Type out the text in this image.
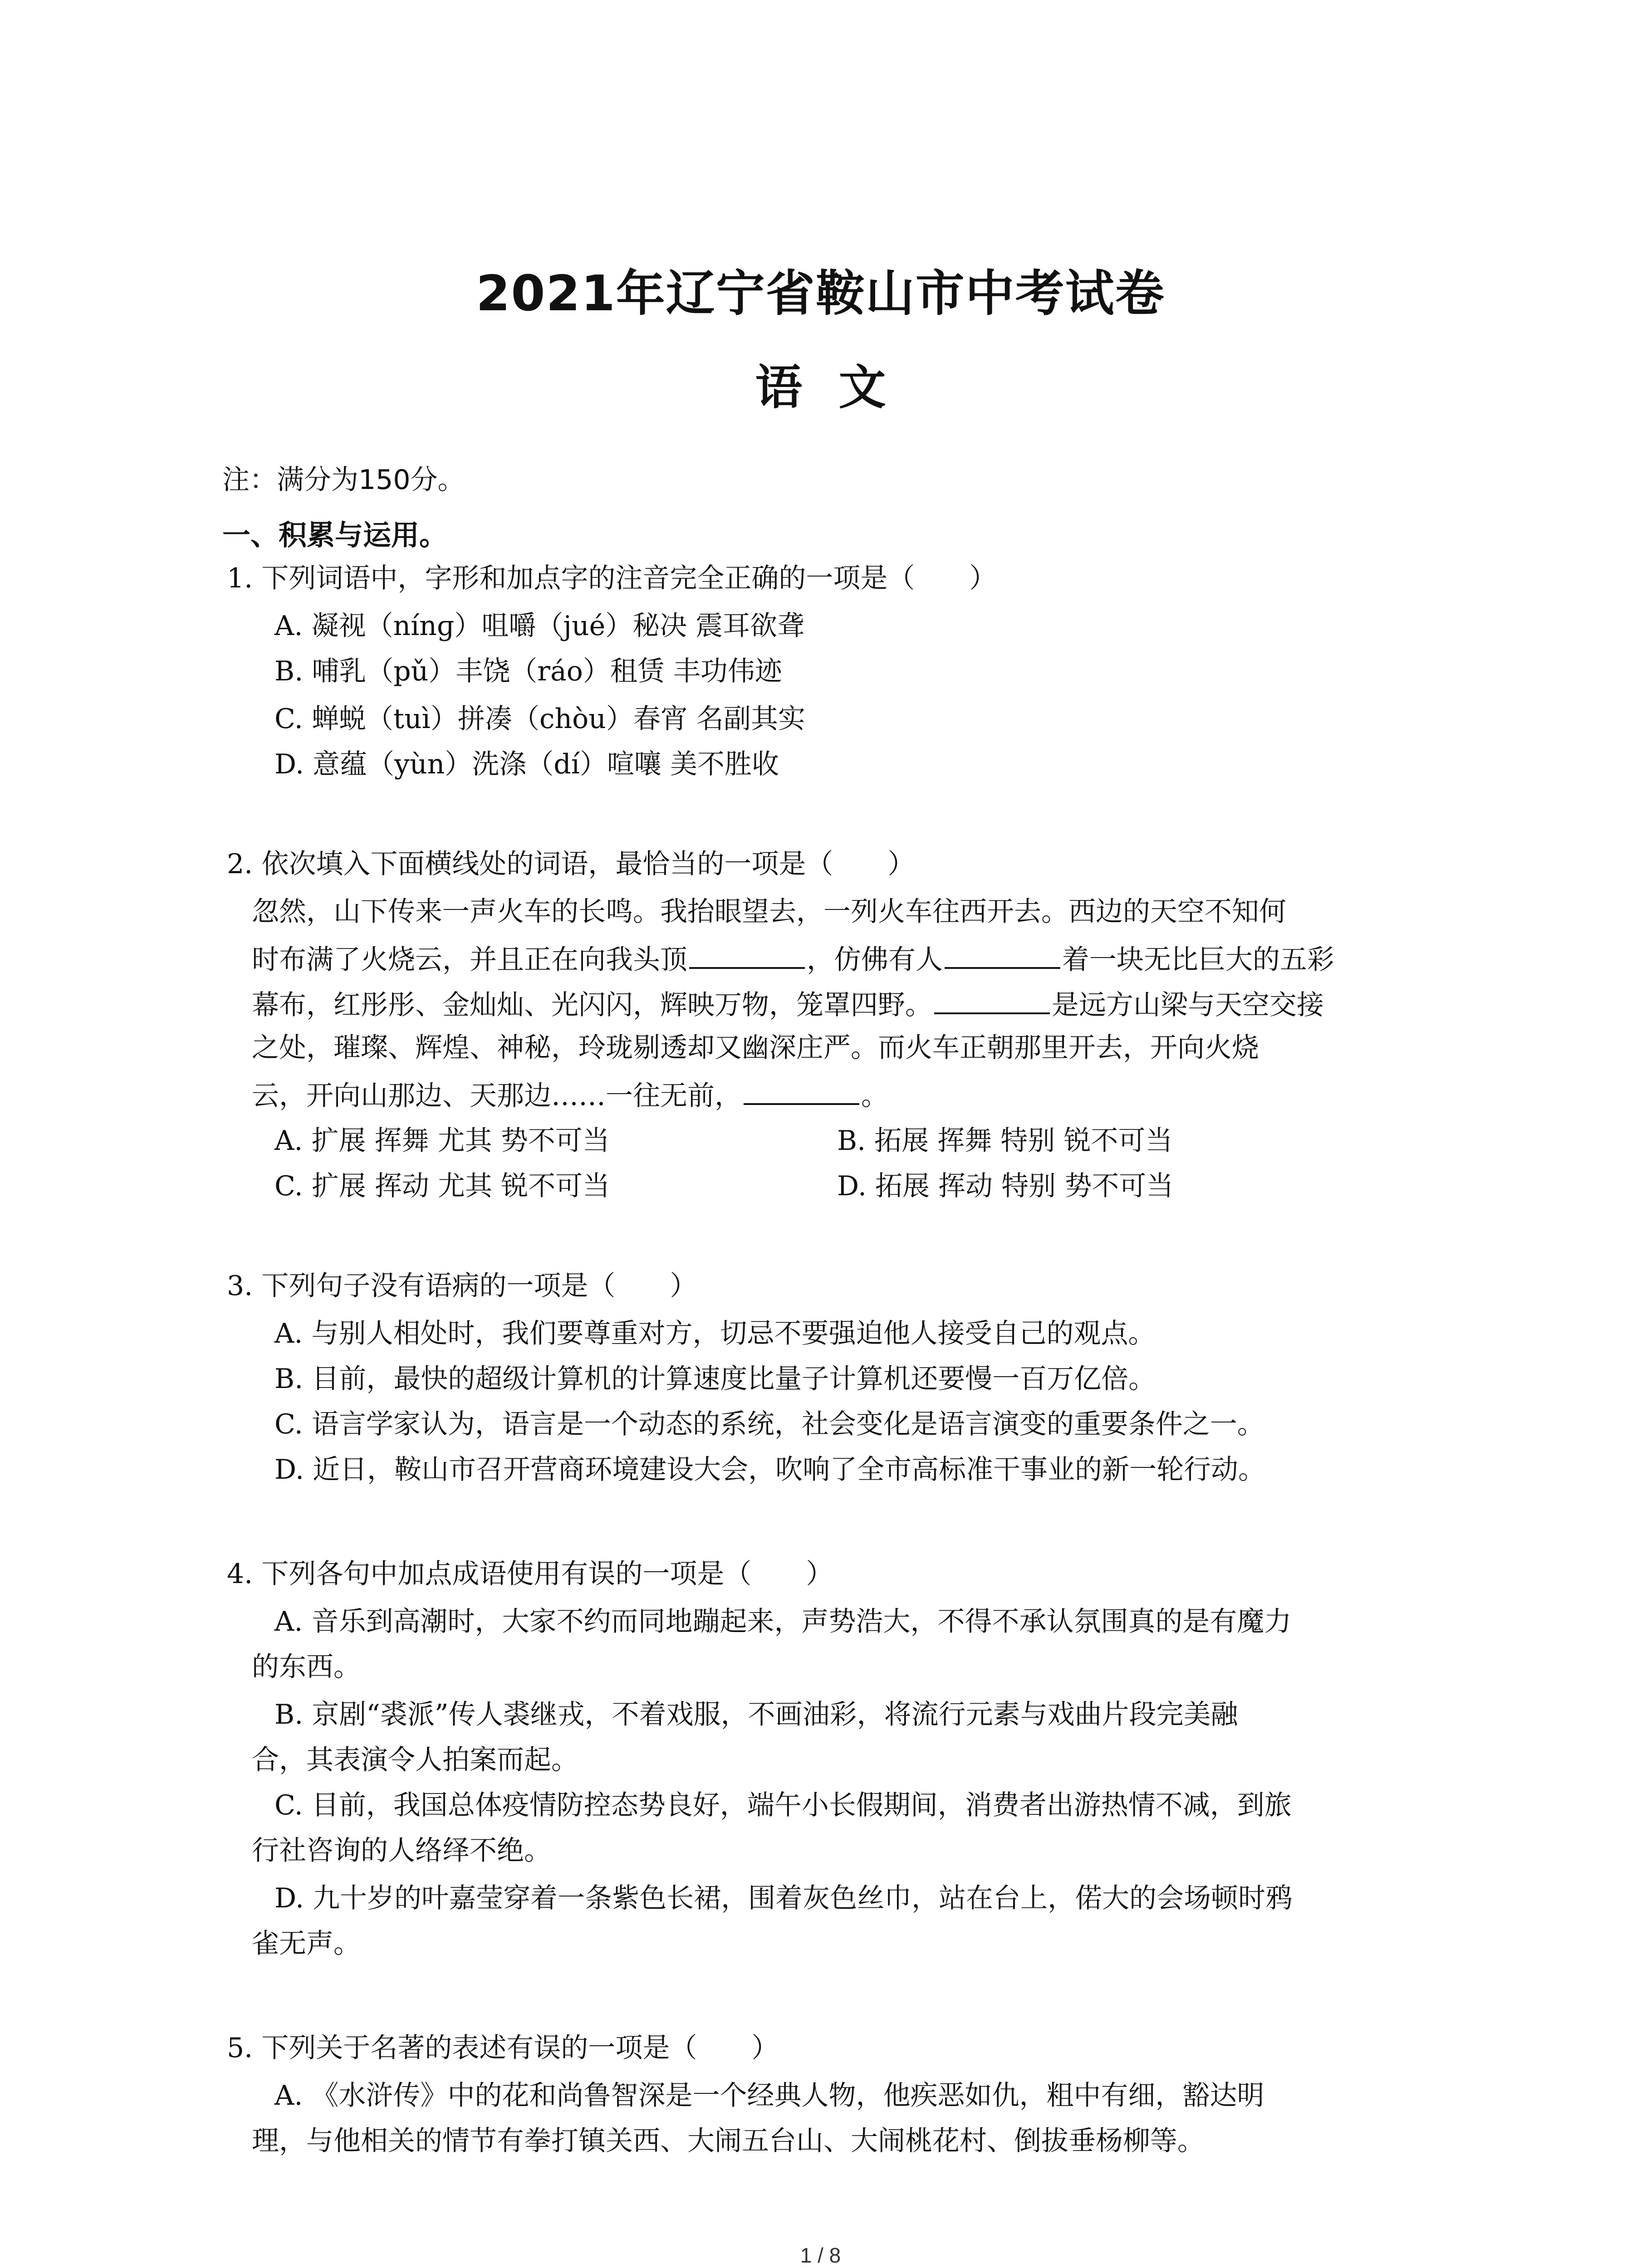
2021年辽宁省鞍山市中考试卷
语文
注：满分为150分。
一、积累与运用。
1. 下列词语中，字形和加点字的注音完全正确的一项是（　　）
A. 凝视（nínɡ）咀嚼（jué）秘决 震耳欲聋
B. 哺乳（pǔ）丰饶（ráo）租赁 丰功伟迹
C. 蝉蜕（tuì）拼凑（chòu）春宵 名副其实
D. 意蕴（yùn）洗涤（dí）喧嚷 美不胜收
2. 依次填入下面横线处的词语，最恰当的一项是（　　）
忽然，山下传来一声火车的长鸣。我抬眼望去，一列火车往西开去。西边的天空不知何
时布满了火烧云，并且正在向我头顶	，仿佛有人	着一块无比巨大的五彩
幕布，红彤彤、金灿灿、光闪闪，辉映万物，笼罩四野。	是远方山梁与天空交接
之处，璀璨、辉煌、神秘，玲珑剔透却又幽深庄严。而火车正朝那里开去，开向火烧
云，开向山那边、天那边……一往无前，	。
A. 扩展 挥舞 尤其 势不可当	B. 拓展 挥舞 特别 锐不可当
C. 扩展 挥动 尤其 锐不可当	D. 拓展 挥动 特别 势不可当
3. 下列句子没有语病的一项是（　　）
A. 与别人相处时，我们要尊重对方，切忌不要强迫他人接受自己的观点。
B. 目前，最快的超级计算机的计算速度比量子计算机还要慢一百万亿倍。
C. 语言学家认为，语言是一个动态的系统，社会变化是语言演变的重要条件之一。
D. 近日，鞍山市召开营商环境建设大会，吹响了全市高标准干事业的新一轮行动。
4. 下列各句中加点成语使用有误的一项是（　　）
A. 音乐到高潮时，大家不约而同地蹦起来，声势浩大，不得不承认氛围真的是有魔力
的东西。
B. 京剧“裘派”传人裘继戎，不着戏服，不画油彩，将流行元素与戏曲片段完美融
合，其表演令人拍案而起。
C. 目前，我国总体疫情防控态势良好，端午小长假期间，消费者出游热情不减，到旅
行社咨询的人络绎不绝。
D. 九十岁的叶嘉莹穿着一条紫色长裙，围着灰色丝巾，站在台上，偌大的会场顿时鸦
雀无声。
5. 下列关于名著的表述有误的一项是（　　）
A. 《水浒传》中的花和尚鲁智深是一个经典人物，他疾恶如仇，粗中有细，豁达明
理，与他相关的情节有拳打镇关西、大闹五台山、大闹桃花村、倒拔垂杨柳等。
1 / 8
